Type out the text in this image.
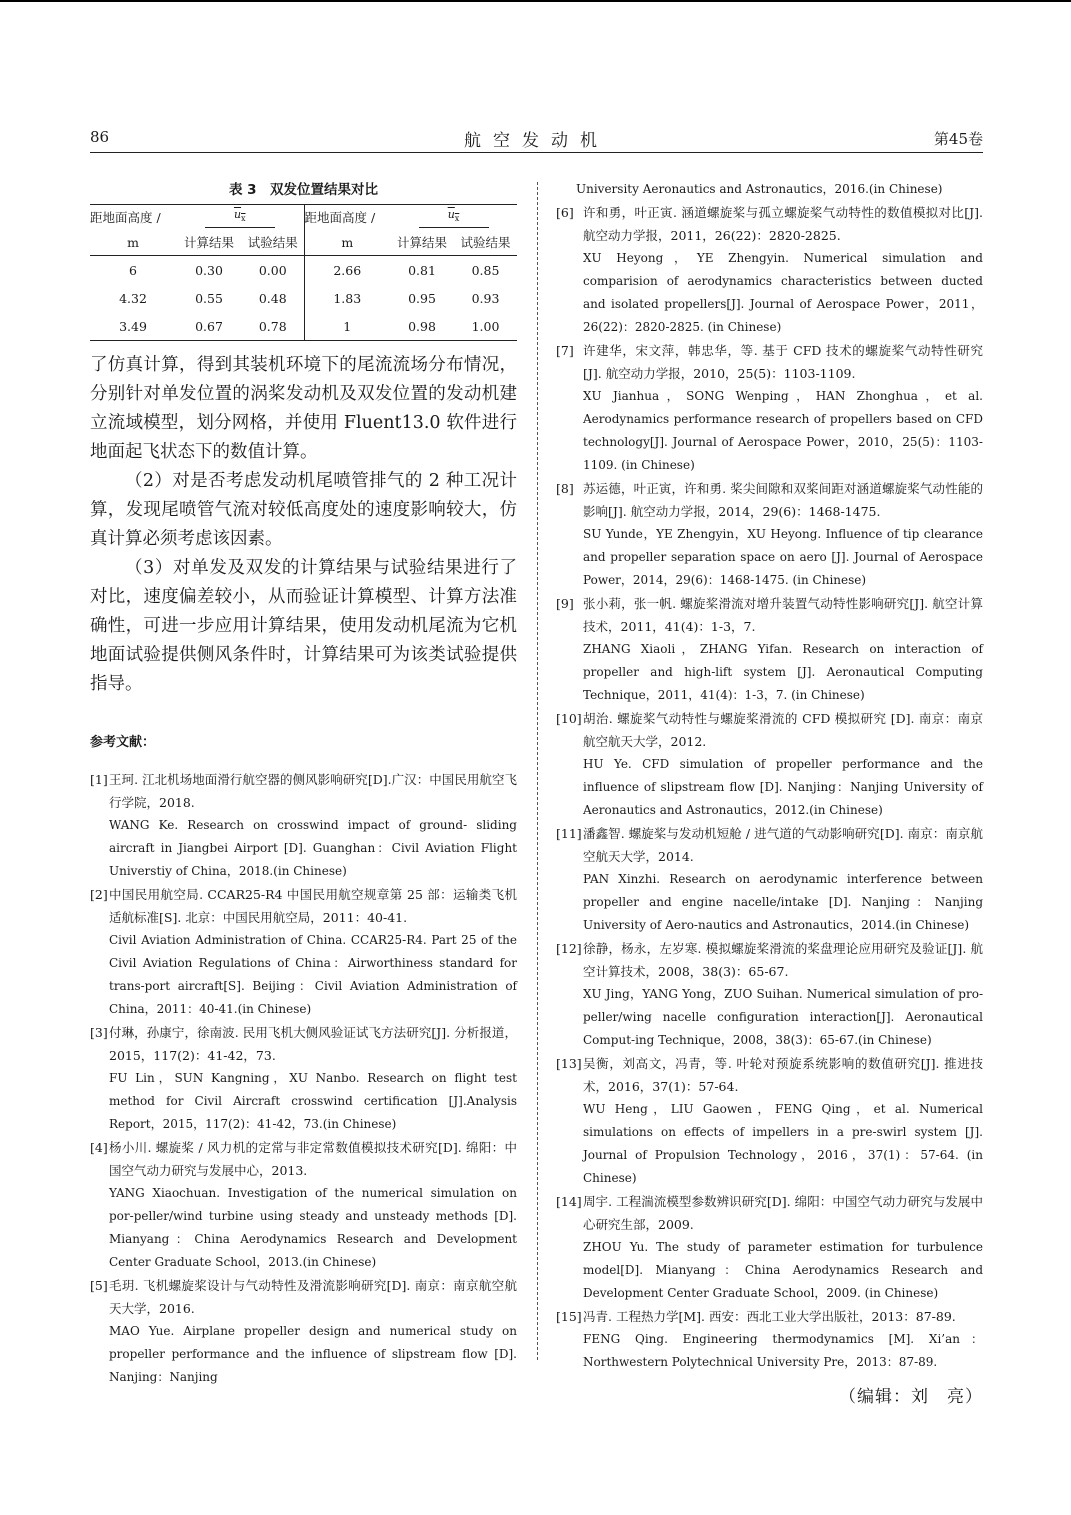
86	航空发动机	第45卷
表 3　双发位置结果对比
距地面高度 /	$u_x$		距地面高度 /	$u_x$
m	计算结果	试验结果	m	计算结果	试验结果
6	0.30	0.00	2.66	0.81	0.85
4.32	0.55	0.48	1.83	0.95	0.93
3.49	0.67	0.78	1	0.98	1.00

了仿真计算，得到其装机环境下的尾流流场分布情况，分别针对单发位置的涡桨发动机及双发位置的发动机建立流域模型，划分网格，并使用 Fluent13.0 软件进行地面起飞状态下的数值计算。

（2）对是否考虑发动机尾喷管排气的 2 种工况计算，发现尾喷管气流对较低高度处的速度影响较大，仿真计算必须考虑该因素。

（3）对单发及双发的计算结果与试验结果进行了对比，速度偏差较小，从而验证计算模型、计算方法准确性，可进一步应用计算结果，使用发动机尾流为它机地面试验提供侧风条件时，计算结果可为该类试验提供指导。

参考文献：
[1] 王珂. 江北机场地面滑行航空器的侧风影响研究[D].广汉：中国民用航空飞行学院，2018.
WANG Ke. Research on crosswind impact of ground- sliding aircraft in Jiangbei Airport [D]. Guanghan：Civil Aviation Flight Universtiy of China，2018.(in Chinese)
[2] 中国民用航空局. CCAR25-R4 中国民用航空规章第 25 部：运输类飞机适航标准[S]. 北京：中国民用航空局，2011：40-41.
Civil Aviation Administration of China. CCAR25-R4. Part 25 of the Civil Aviation Regulations of China：Airworthiness standard for trans-port aircraft[S]. Beijing：Civil Aviation Administration of China，2011：40-41.(in Chinese)
[3] 付琳，孙康宁，徐南波. 民用飞机大侧风验证试飞方法研究[J]. 分析报道，2015，117(2)：41-42，73.
FU Lin，SUN Kangning，XU Nanbo. Research on flight test method for Civil Aircraft crosswind certification [J].Analysis Report，2015，117(2)：41-42，73.(in Chinese)
[4] 杨小川. 螺旋桨 / 风力机的定常与非定常数值模拟技术研究[D]. 绵阳：中国空气动力研究与发展中心，2013.
YANG Xiaochuan. Investigation of the numerical simulation on por-peller/wind turbine using steady and unsteady methods [D]. Mianyang：China Aerodynamics Research and Development Center Graduate School，2013.(in Chinese)
[5] 毛玥. 飞机螺旋桨设计与气动特性及滑流影响研究[D]. 南京：南京航空航天大学，2016.
MAO Yue. Airplane propeller design and numerical study on propeller performance and the influence of slipstream flow [D]. Nanjing：Nanjing

University Aeronautics and Astronautics，2016.(in Chinese)

[6] 许和勇，叶正寅. 涵道螺旋桨与孤立螺旋桨气动特性的数值模拟对比[J]. 航空动力学报，2011，26(22)：2820-2825.
XU Heyong，YE Zhengyin. Numerical simulation and comparision of aerodynamics characteristics between ducted and isolated propellers[J]. Journal of Aerospace Power，2011，26(22)：2820-2825. (in Chinese)
[7] 许建华，宋文萍，韩忠华，等. 基于 CFD 技术的螺旋桨气动特性研究[J]. 航空动力学报，2010，25(5)：1103-1109.
XU Jianhua，SONG Wenping，HAN Zhonghua，et al. Aerodynamics performance research of propellers based on CFD technology[J]. Journal of Aerospace Power，2010，25(5)：1103-1109. (in Chinese)
[8] 苏运德，叶正寅，许和勇. 桨尖间隙和双桨间距对涵道螺旋桨气动性能的影响[J]. 航空动力学报，2014，29(6)：1468-1475.
SU Yunde，YE Zhengyin，XU Heyong. Influence of tip clearance and propeller separation space on aero [J]. Journal of Aerospace Power，2014，29(6)：1468-1475. (in Chinese)
[9] 张小莉，张一帆. 螺旋桨滑流对增升装置气动特性影响研究[J]. 航空计算技术，2011，41(4)：1-3，7.
ZHANG Xiaoli，ZHANG Yifan. Research on interaction of propeller and high-lift system [J]. Aeronautical Computing Technique，2011，41(4)：1-3，7. (in Chinese)
[10] 胡治. 螺旋桨气动特性与螺旋桨滑流的 CFD 模拟研究 [D]. 南京：南京航空航天大学，2012.
HU Ye. CFD simulation of propeller performance and the influence of slipstream flow [D]. Nanjing：Nanjing University of Aeronautics and Astronautics，2012.(in Chinese)
[11] 潘鑫智. 螺旋桨与发动机短舱 / 进气道的气动影响研究[D]. 南京：南京航空航天大学，2014.
PAN Xinzhi. Research on aerodynamic interference between propeller and engine nacelle/intake [D]. Nanjing：Nanjing University of Aero-nautics and Astronautics，2014.(in Chinese)
[12] 徐静，杨永，左岁寒. 模拟螺旋桨滑流的桨盘理论应用研究及验证[J]. 航空计算技术，2008，38(3)：65-67.
XU Jing，YANG Yong，ZUO Suihan. Numerical simulation of pro-peller/wing nacelle configuration interaction[J]. Aeronautical Comput-ing Technique，2008，38(3)：65-67.(in Chinese)
[13] 吴衡，刘高文，冯青，等. 叶轮对预旋系统影响的数值研究[J]. 推进技术，2016，37(1)：57-64.
WU Heng，LIU Gaowen，FENG Qing，et al. Numerical simulations on effects of impellers in a pre-swirl system [J]. Journal of Propulsion Technology，2016，37(1)：57-64. (in Chinese)
[14] 周宇. 工程湍流模型参数辨识研究[D]. 绵阳：中国空气动力研究与发展中心研究生部，2009.
ZHOU Yu. The study of parameter estimation for turbulence model[D]. Mianyang：China Aerodynamics Research and Development Center Graduate School，2009. (in Chinese)
[15] 冯青. 工程热力学[M]. 西安：西北工业大学出版社，2013：87-89.
FENG Qing. Engineering thermodynamics [M]. Xi’an：Northwestern Polytechnical University Pre，2013：87-89.
（编辑：刘　亮）
